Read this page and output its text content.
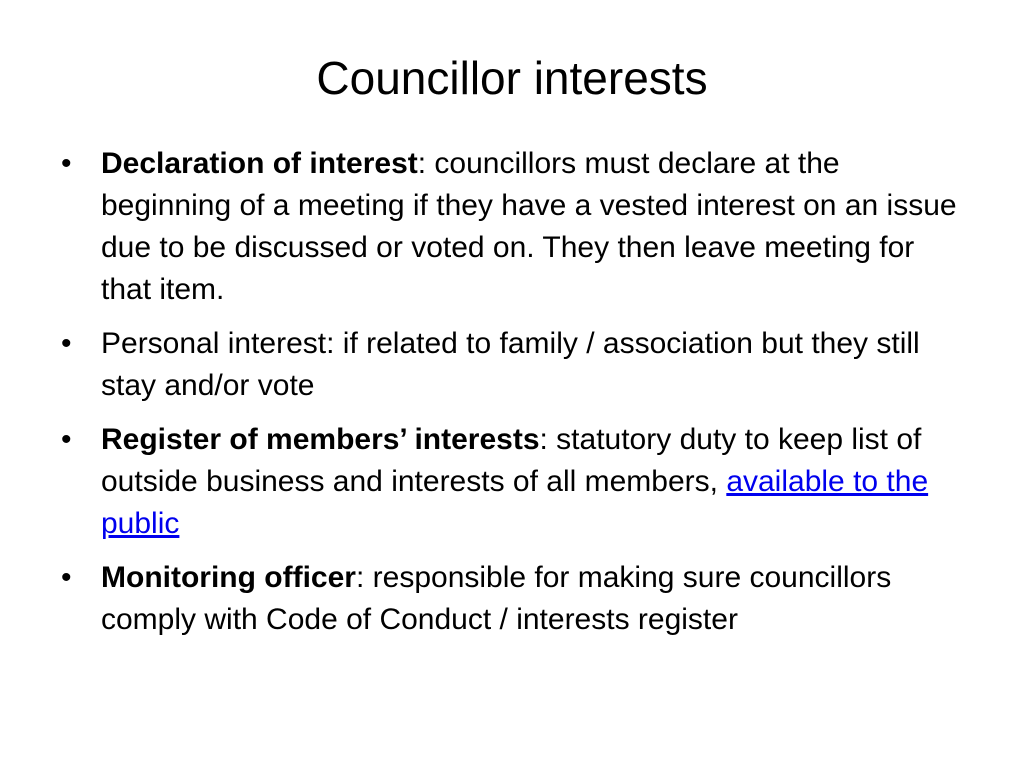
Councillor interests
• Declaration of interest: councillors must declare at the beginning of a meeting if they have a vested interest on an issue due to be discussed or voted on. They then leave meeting for that item.
• Personal interest: if related to family / association but they still stay and/or vote
• Register of members’ interests: statutory duty to keep list of outside business and interests of all members, available to the public
• Monitoring officer: responsible for making sure councillors comply with Code of Conduct / interests register
